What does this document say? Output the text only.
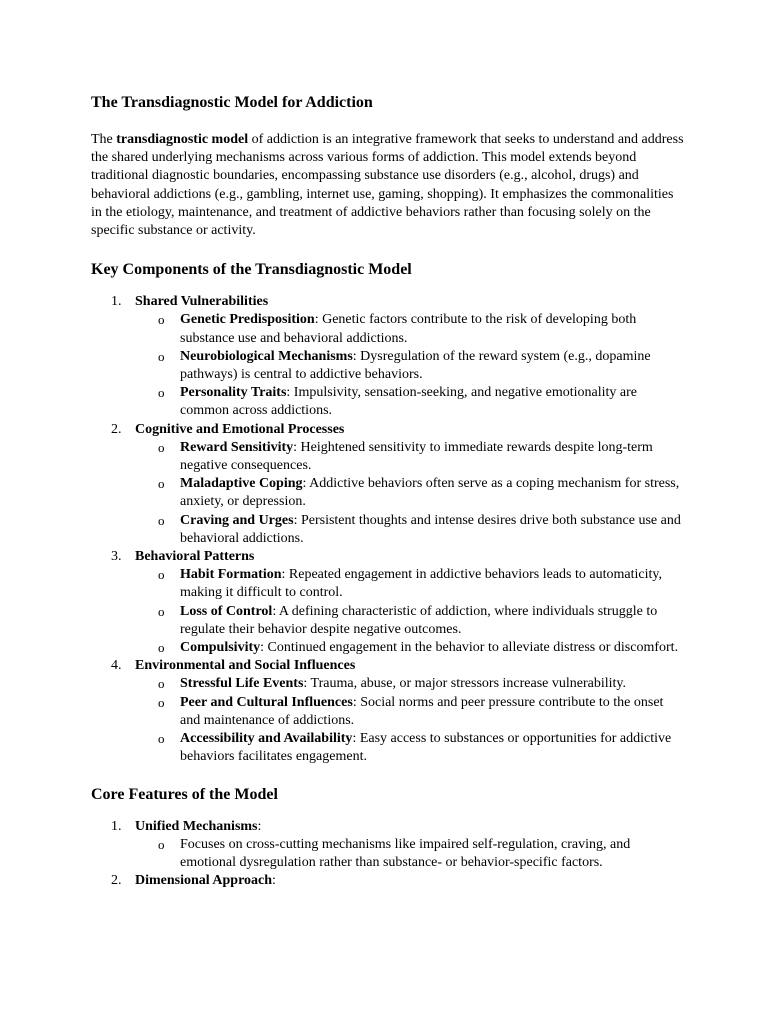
The Transdiagnostic Model for Addiction

The transdiagnostic model of addiction is an integrative framework that seeks to understand and address the shared underlying mechanisms across various forms of addiction. This model extends beyond traditional diagnostic boundaries, encompassing substance use disorders (e.g., alcohol, drugs) and behavioral addictions (e.g., gambling, internet use, gaming, shopping). It emphasizes the commonalities in the etiology, maintenance, and treatment of addictive behaviors rather than focusing solely on the specific substance or activity.

Key Components of the Transdiagnostic Model
1. Shared Vulnerabilities
o Genetic Predisposition: Genetic factors contribute to the risk of developing both substance use and behavioral addictions.
o Neurobiological Mechanisms: Dysregulation of the reward system (e.g., dopamine pathways) is central to addictive behaviors.
o Personality Traits: Impulsivity, sensation-seeking, and negative emotionality are common across addictions.
2. Cognitive and Emotional Processes
o Reward Sensitivity: Heightened sensitivity to immediate rewards despite long-term negative consequences.
o Maladaptive Coping: Addictive behaviors often serve as a coping mechanism for stress, anxiety, or depression.
o Craving and Urges: Persistent thoughts and intense desires drive both substance use and behavioral addictions.
3. Behavioral Patterns
o Habit Formation: Repeated engagement in addictive behaviors leads to automaticity, making it difficult to control.
o Loss of Control: A defining characteristic of addiction, where individuals struggle to regulate their behavior despite negative outcomes.
o Compulsivity: Continued engagement in the behavior to alleviate distress or discomfort.
4. Environmental and Social Influences
o Stressful Life Events: Trauma, abuse, or major stressors increase vulnerability.
o Peer and Cultural Influences: Social norms and peer pressure contribute to the onset and maintenance of addictions.
o Accessibility and Availability: Easy access to substances or opportunities for addictive behaviors facilitates engagement.
Core Features of the Model
1. Unified Mechanisms:
o Focuses on cross-cutting mechanisms like impaired self-regulation, craving, and emotional dysregulation rather than substance- or behavior-specific factors.
2. Dimensional Approach:
